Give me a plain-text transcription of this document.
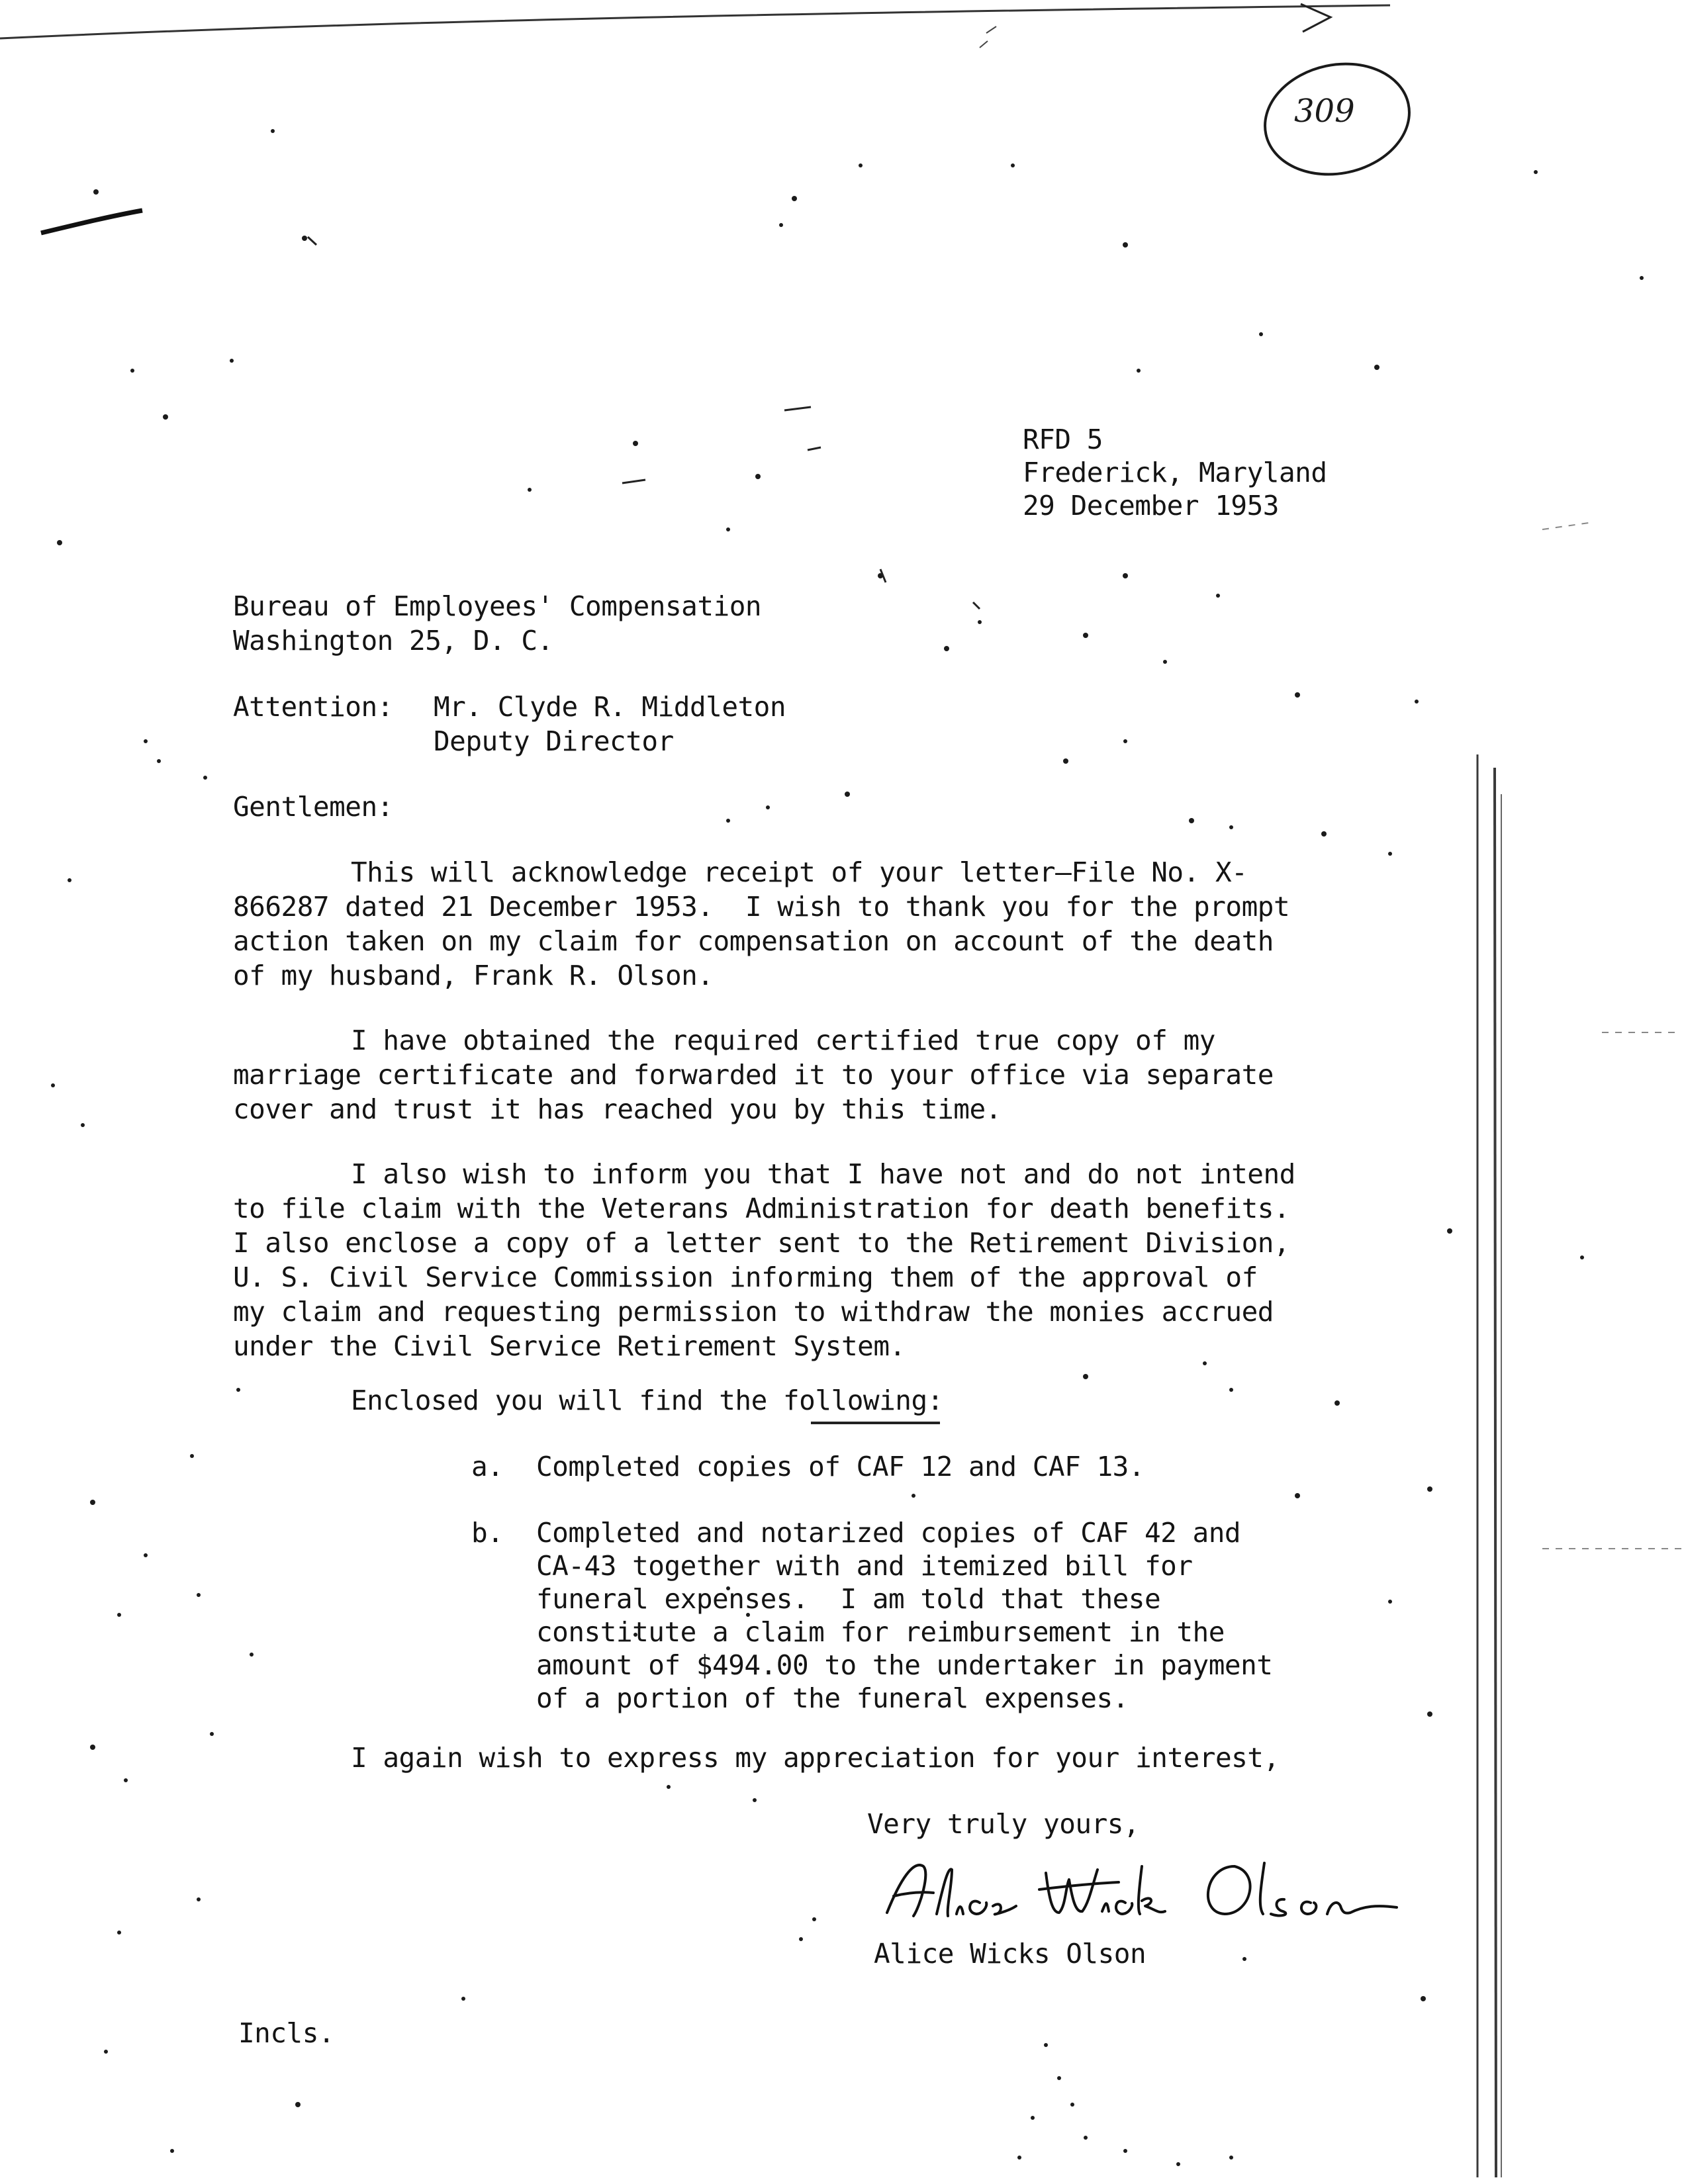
309
RFD 5
Frederick, Maryland
29 December 1953
Bureau of Employees' Compensation
Washington 25, D. C.
Attention: Mr. Clyde R. Middleton
Deputy Director
Gentlemen:
This will acknowledge receipt of your letter—File No. X-
866287 dated 21 December 1953.  I wish to thank you for the prompt
action taken on my claim for compensation on account of the death
of my husband, Frank R. Olson.
I have obtained the required certified true copy of my
marriage certificate and forwarded it to your office via separate
cover and trust it has reached you by this time.
I also wish to inform you that I have not and do not intend
to file claim with the Veterans Administration for death benefits.
I also enclose a copy of a letter sent to the Retirement Division,
U. S. Civil Service Commission informing them of the approval of
my claim and requesting permission to withdraw the monies accrued
under the Civil Service Retirement System.
Enclosed you will find the following:
a. Completed copies of CAF 12 and CAF 13.
b. Completed and notarized copies of CAF 42 and
CA-43 together with and itemized bill for
funeral expenses.  I am told that these
constitute a claim for reimbursement in the
amount of $494.00 to the undertaker in payment
of a portion of the funeral expenses.
I again wish to express my appreciation for your interest,
Very truly yours,
Alice Wicks Olson
Incls.
